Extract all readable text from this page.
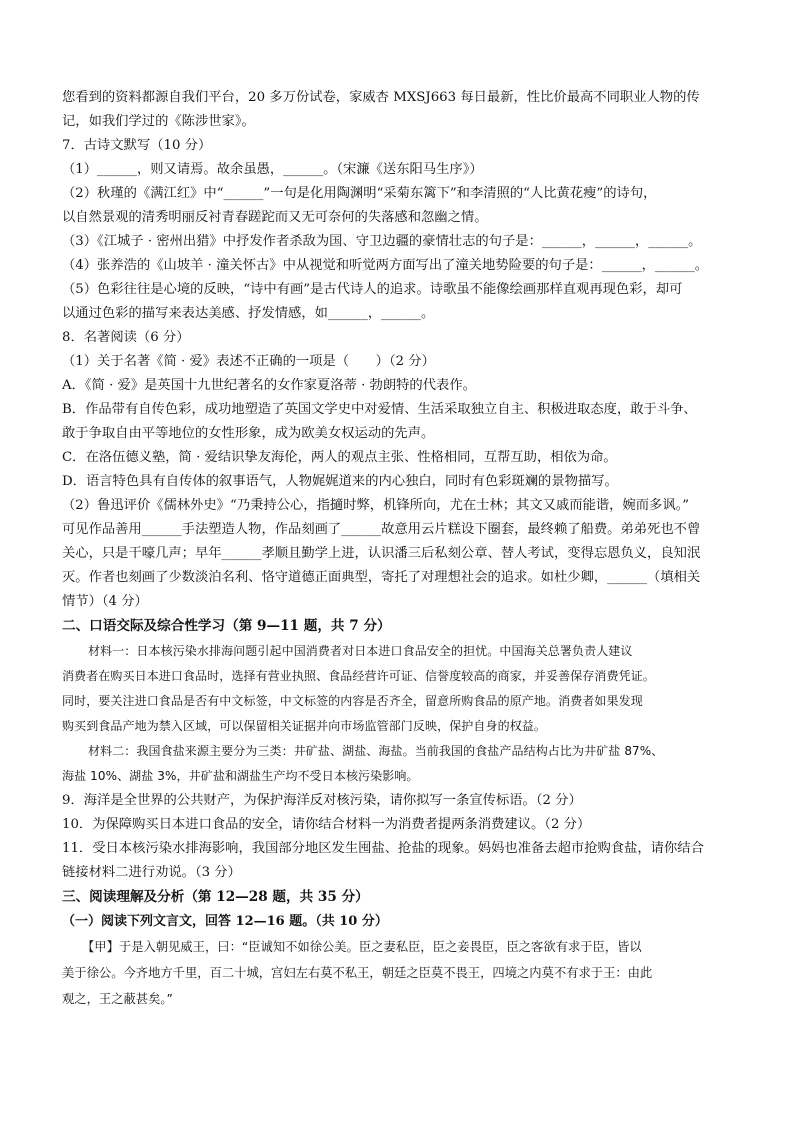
您看到的资料都源自我们平台，20 多万份试卷，家威杏 MXSJ663 每日最新，性比价最高不同职业人物的传
记，如我们学过的《陈涉世家》。
7．古诗文默写（10 分）
（1）______，则又请焉。故余虽愚，______。（宋濂《送东阳马生序》）
（2）秋瑾的《满江红》中“______”一句是化用陶渊明“采菊东篱下”和李清照的“人比黄花瘦”的诗句，
以自然景观的清秀明丽反衬青春蹉跎而又无可奈何的失落感和忽幽之情。
（3）《江城子 · 密州出猎》中抒发作者杀敌为国、守卫边疆的豪情壮志的句子是：______，______，______。
（4）张养浩的《山坡羊 · 潼关怀古》中从视觉和听觉两方面写出了潼关地势险要的句子是：______，______。
（5）色彩往往是心境的反映，“诗中有画”是古代诗人的追求。诗歌虽不能像绘画那样直观再现色彩，却可
以通过色彩的描写来表达美感、抒发情感，如______，______。
8．名著阅读（6 分）
（1）关于名著《简 · 爱》表述不正确的一项是（　　）（2 分）
A．《简 · 爱》是英国十九世纪著名的女作家夏洛蒂 · 勃朗特的代表作。
B．作品带有自传色彩，成功地塑造了英国文学史中对爱情、生活采取独立自主、积极进取态度，敢于斗争、
敢于争取自由平等地位的女性形象，成为欧美女权运动的先声。
C．在洛伍德义塾，简 · 爱结识挚友海伦，两人的观点主张、性格相同，互帮互助，相依为命。
D．语言特色具有自传体的叙事语气，人物娓娓道来的内心独白，同时有色彩斑斓的景物描写。
（2）鲁迅评价《儒林外史》“乃秉持公心，指擿时弊，机锋所向，尤在士林；其文又戚而能谐，婉而多讽。”
可见作品善用______手法塑造人物，作品刻画了______故意用云片糕设下圈套，最终赖了船费。弟弟死也不曾
关心，只是干嚎几声；早年______孝顺且勤学上进，认识潘三后私刻公章、替人考试，变得忘恩负义，良知泯
灭。作者也刻画了少数淡泊名利、恪守道德正面典型，寄托了对理想社会的追求。如杜少卿，______（填相关
情节）（4 分）
二、口语交际及综合性学习（第 9—11 题，共 7 分）
材料一：日本核污染水排海问题引起中国消费者对日本进口食品安全的担忧。中国海关总署负责人建议
消费者在购买日本进口食品时，选择有营业执照、食品经营许可证、信誉度较高的商家，并妥善保存消费凭证。
同时，要关注进口食品是否有中文标签，中文标签的内容是否齐全，留意所购食品的原产地。消费者如果发现
购买到食品产地为禁入区域，可以保留相关证据并向市场监管部门反映，保护自身的权益。
材料二：我国食盐来源主要分为三类：井矿盐、湖盐、海盐。当前我国的食盐产品结构占比为井矿盐 87%、
海盐 10%、湖盐 3%，井矿盐和湖盐生产均不受日本核污染影响。
9．海洋是全世界的公共财产，为保护海洋反对核污染，请你拟写一条宣传标语。（2 分）
10．为保障购买日本进口食品的安全，请你结合材料一为消费者提两条消费建议。（2 分）
11．受日本核污染水排海影响，我国部分地区发生囤盐、抢盐的现象。妈妈也准备去超市抢购食盐，请你结合
链接材料二进行劝说。（3 分）
三、阅读理解及分析（第 12—28 题，共 35 分）
（一）阅读下列文言文，回答 12—16 题。（共 10 分）
【甲】于是入朝见威王，曰：“臣诚知不如徐公美。臣之妻私臣，臣之妾畏臣，臣之客欲有求于臣，皆以
美于徐公。今齐地方千里，百二十城，宫妇左右莫不私王，朝廷之臣莫不畏王，四境之内莫不有求于王：由此
观之，王之蔽甚矣。”
